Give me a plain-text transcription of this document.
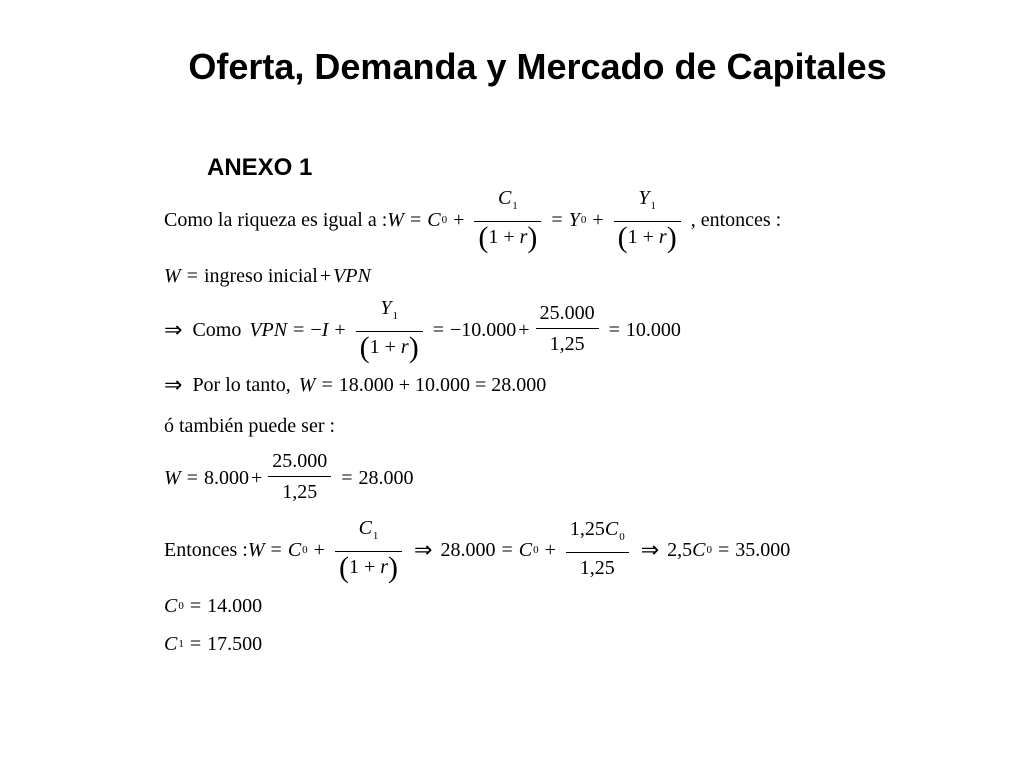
Oferta, Demanda y Mercado de Capitales
ANEXO 1
Como la riqueza es igual a : W = C $0 + \frac{C_1}{(1 + r)} = Y$ $0 + \frac{Y_1}{(1 + r)}$ , entonces :
W = ingreso inicial + VPN
⇒ Como VPN = − $I + \frac{Y_1}{(1 + r)} = -10.000 + \frac{25.000}{1,25} = 10.000$
⇒ Por lo tanto, W = 18.000 + 10.000 = 28.000
ó también puede ser :
$W = 8.000 + \frac{25.000}{1,25} = 28.000$
Entonces : W = C $0 + \frac{C_1}{(1 + r)}$ ⇒ 28.000 = C $0 + \frac{1,25C_0}{1,25}$ ⇒ 2,5 C 0 = 35.000
C 0 = 14.000
C 1 = 17.500
